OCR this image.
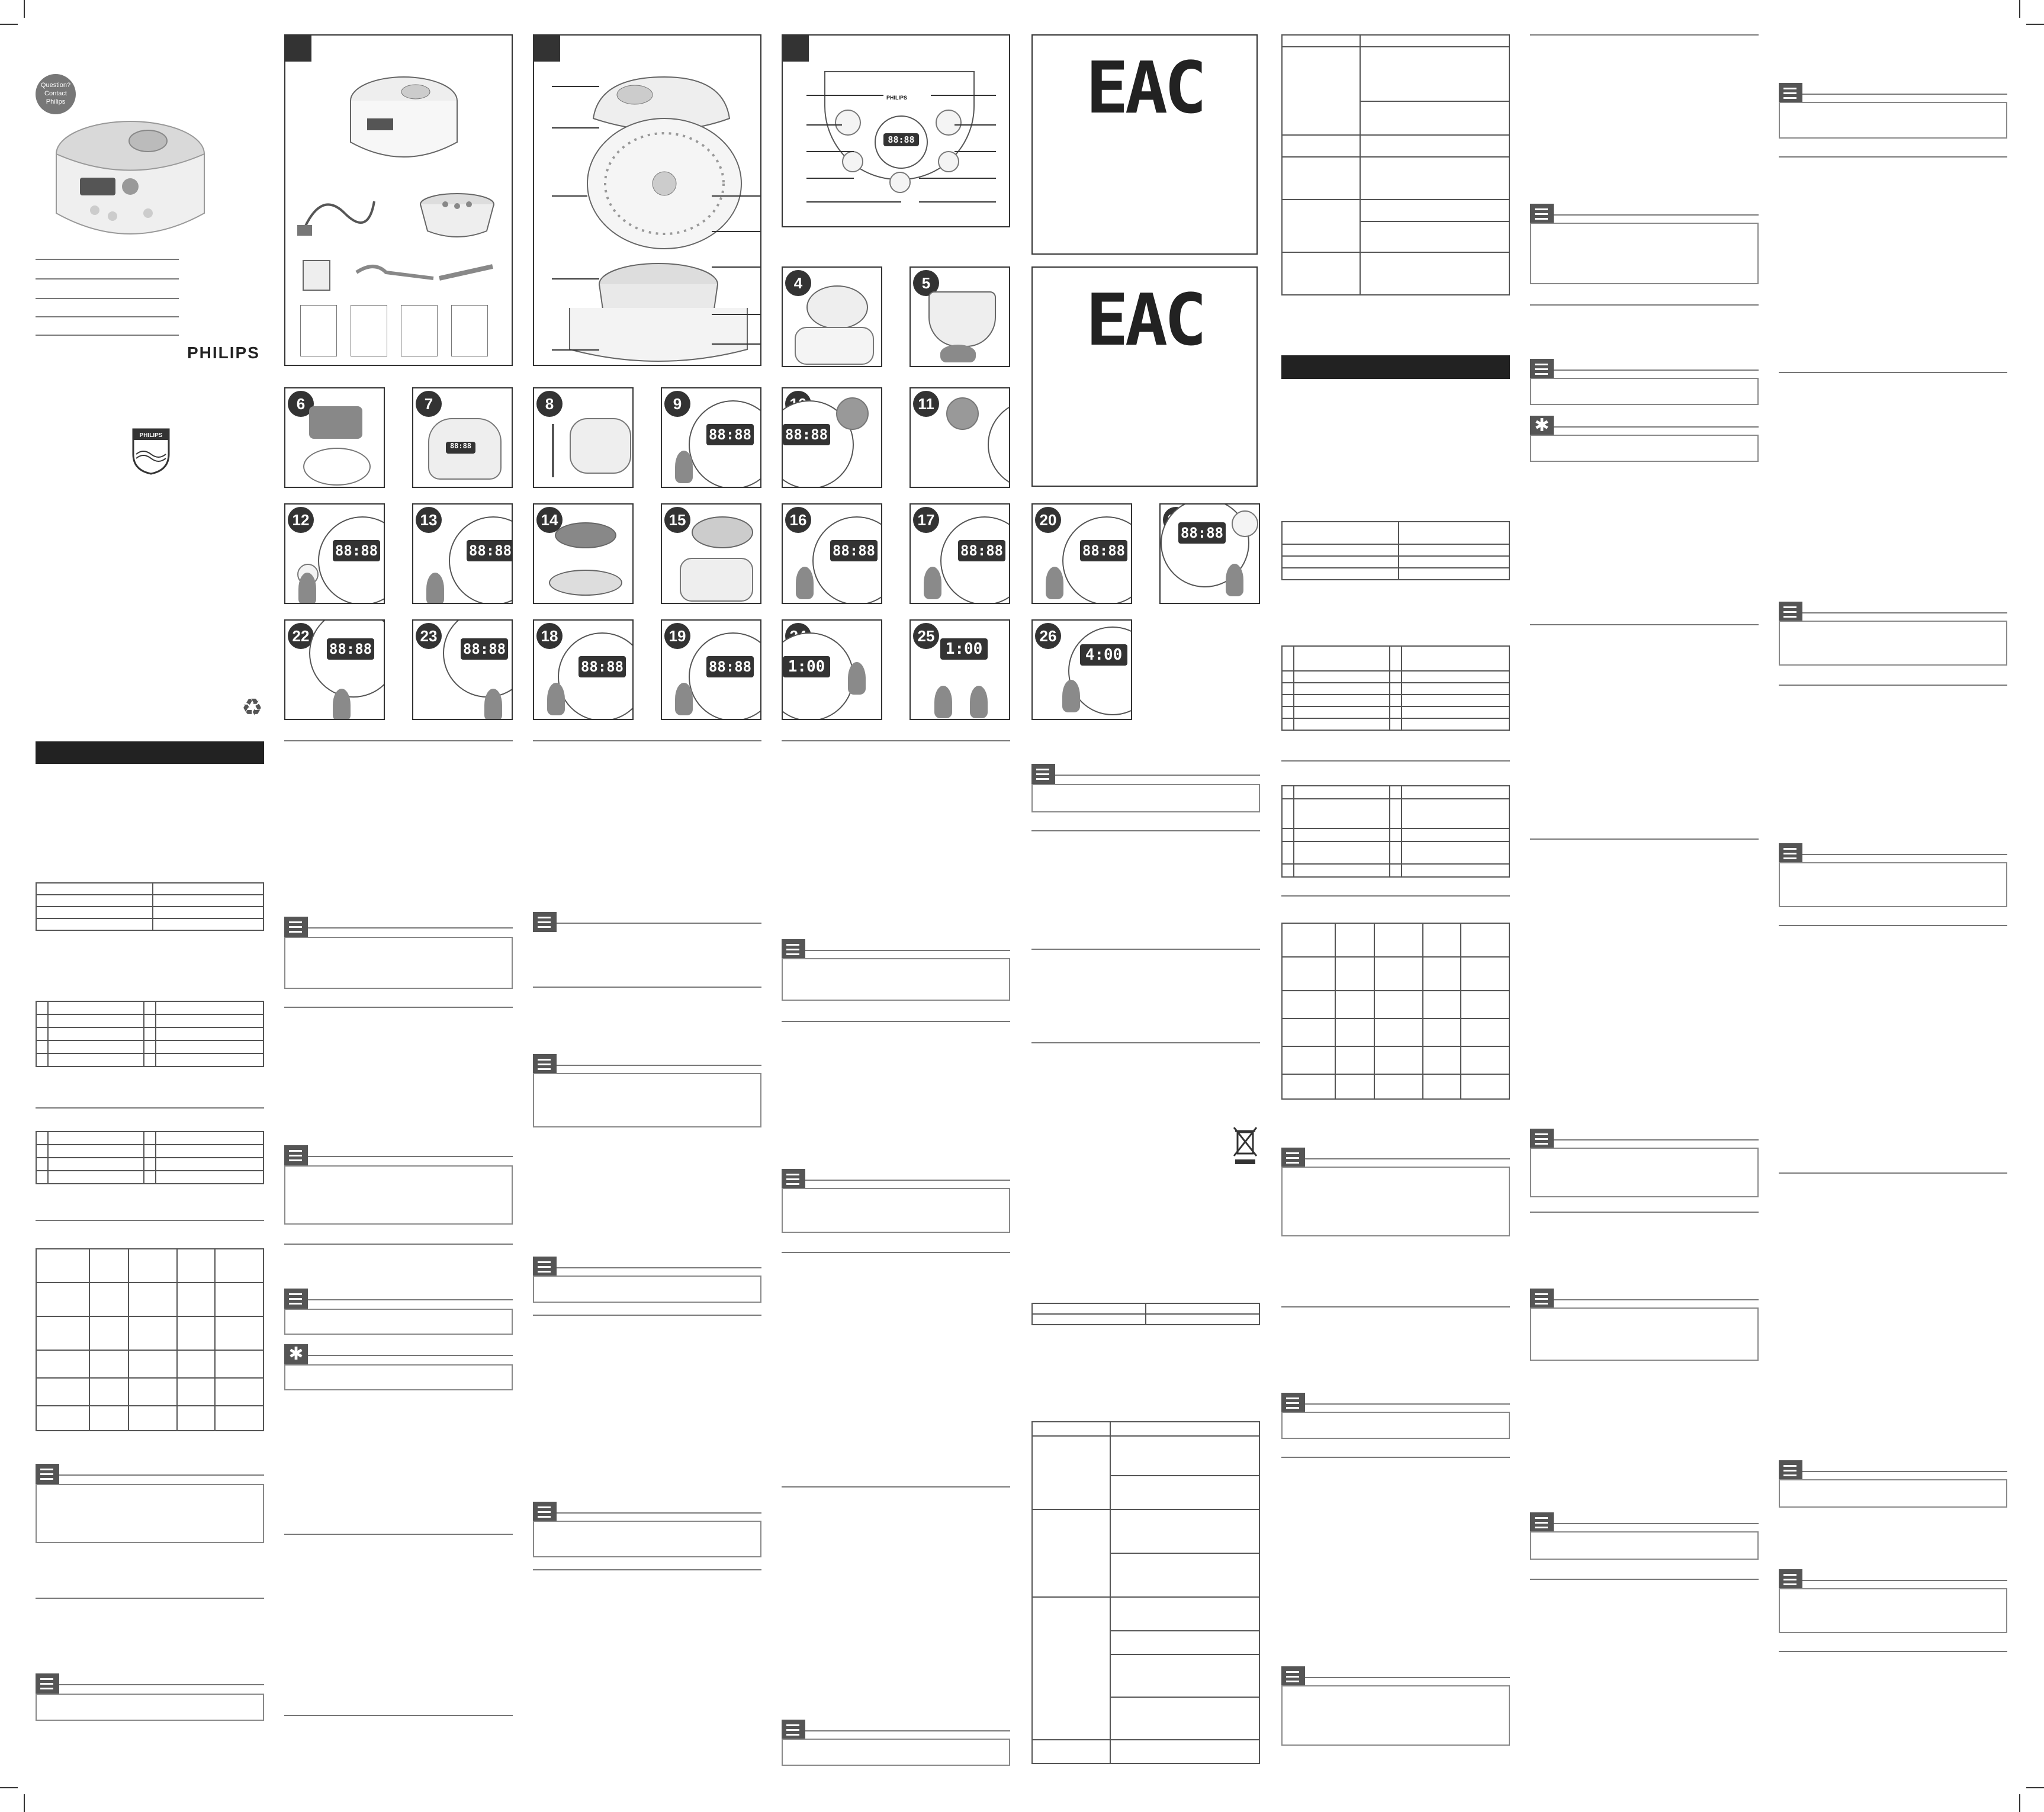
Question?
Contact
Philips
PHILIPS
PHILIPS
♻

6	7
88:88
12
88:88
13
88:88
22
88:88
23
88:88
✱
8	9
88:88
14	15
18
88:88
19
88:88
PHILIPS
88:88
4	5
88:88
11
16
88:88
17
88:88
1:00
25
1:00
EAC
EAC
20
88:88
88:88
26
4:00

✱
